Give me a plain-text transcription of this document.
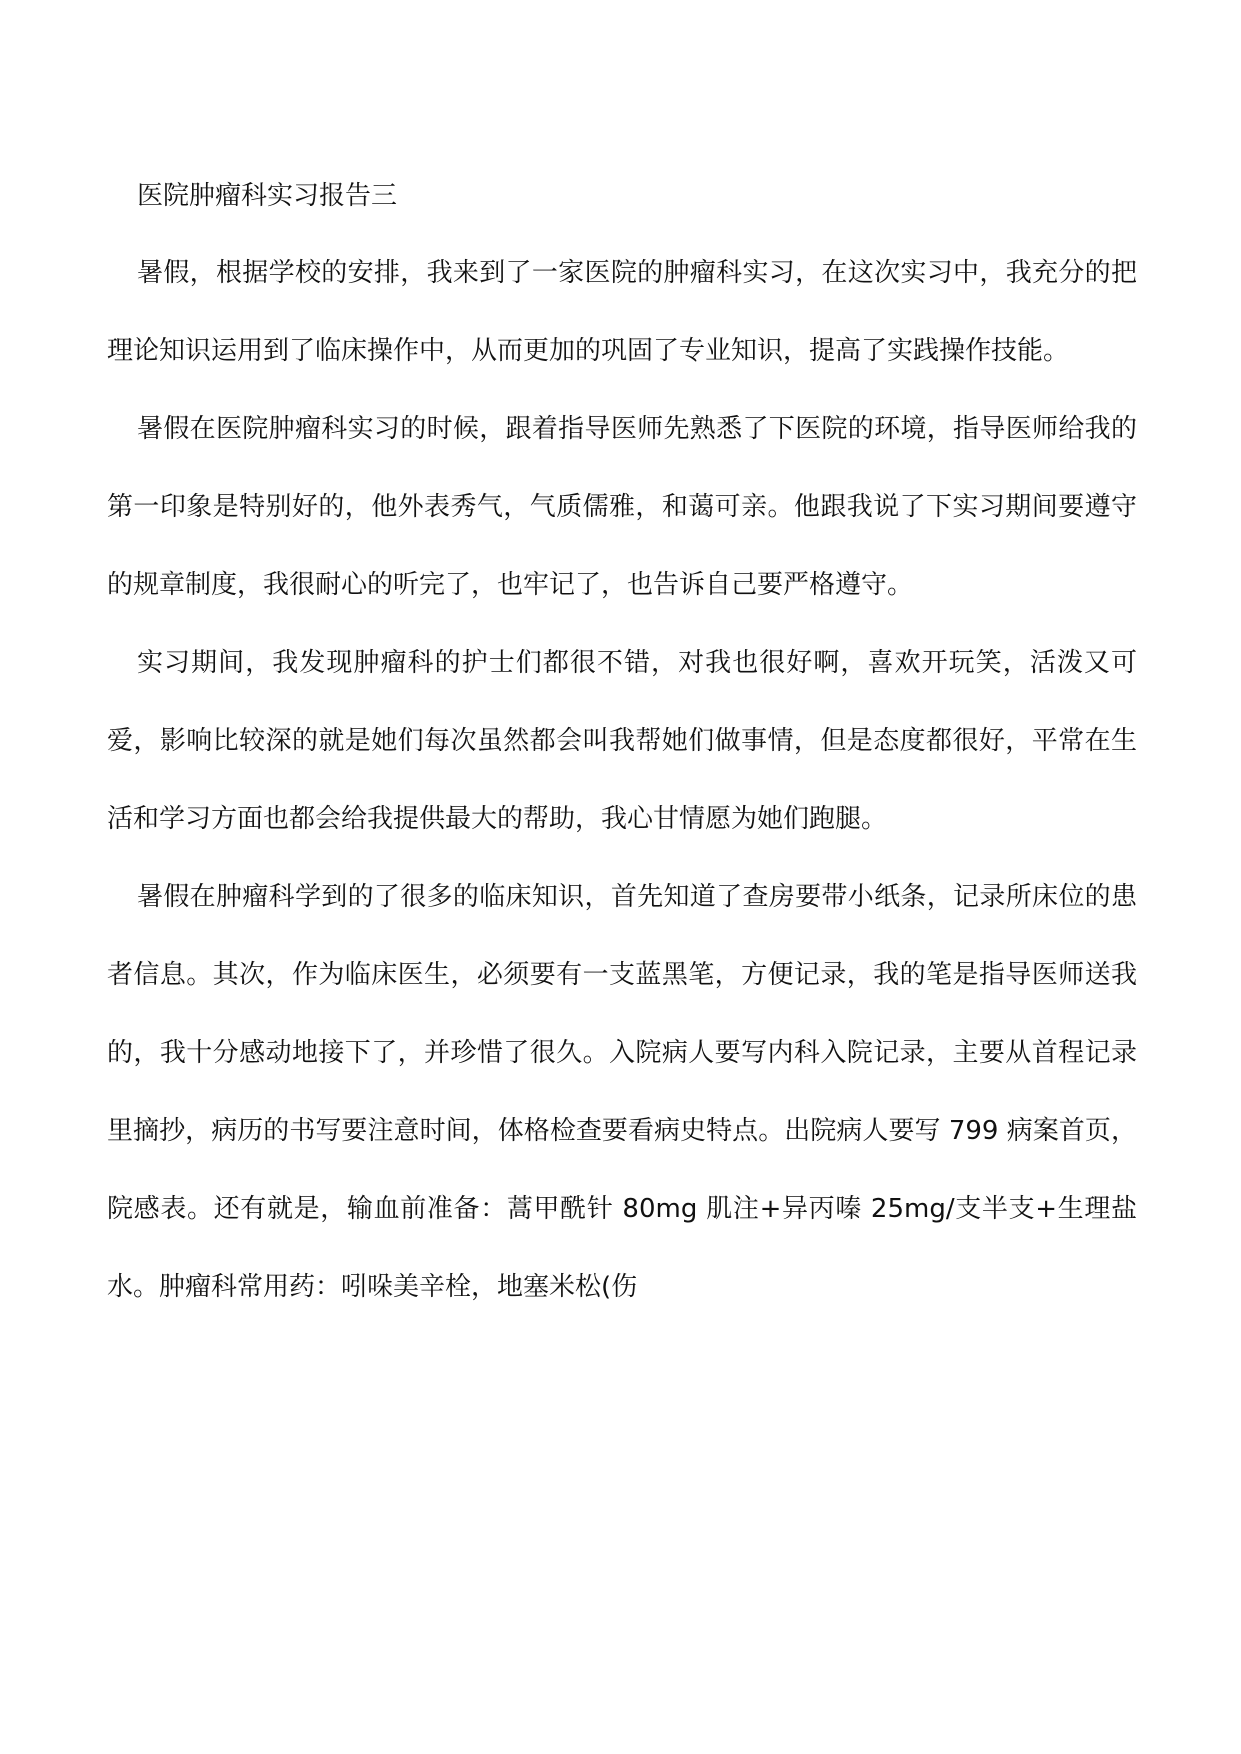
医院肿瘤科实习报告三

暑假，根据学校的安排，我来到了一家医院的肿瘤科实习，在这次实习中，我充分的把理论知识运用到了临床操作中，从而更加的巩固了专业知识，提高了实践操作技能。

暑假在医院肿瘤科实习的时候，跟着指导医师先熟悉了下医院的环境，指导医师给我的第一印象是特别好的，他外表秀气，气质儒雅，和蔼可亲。他跟我说了下实习期间要遵守的规章制度，我很耐心的听完了，也牢记了，也告诉自己要严格遵守。

实习期间，我发现肿瘤科的护士们都很不错，对我也很好啊，喜欢开玩笑，活泼又可爱，影响比较深的就是她们每次虽然都会叫我帮她们做事情，但是态度都很好，平常在生活和学习方面也都会给我提供最大的帮助，我心甘情愿为她们跑腿。

暑假在肿瘤科学到的了很多的临床知识，首先知道了查房要带小纸条，记录所床位的患者信息。其次，作为临床医生，必须要有一支蓝黑笔，方便记录，我的笔是指导医师送我的，我十分感动地接下了，并珍惜了很久。入院病人要写内科入院记录，主要从首程记录里摘抄，病历的书写要注意时间，体格检查要看病史特点。出院病人要写 799 病案首页，院感表。还有就是，输血前准备：蒿甲酰针 80mg 肌注+异丙嗪 25mg/支半支+生理盐水。肿瘤科常用药：吲哚美辛栓，地塞米松(伤
